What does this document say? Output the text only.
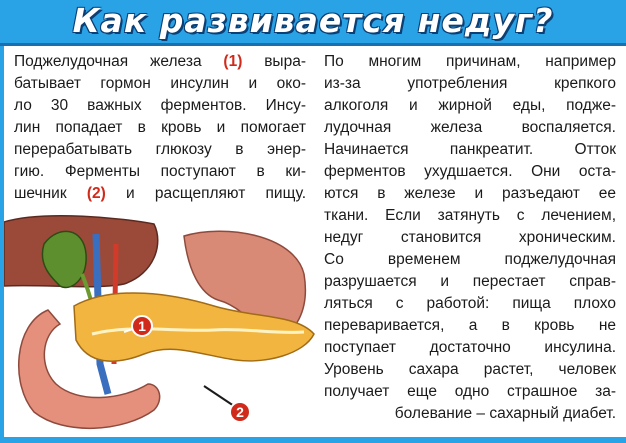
Как развивается недуг?
Поджелудочная железа (1) выра-
батывает гормон инсулин и око-
ло 30 важных ферментов. Инсу-
лин попадает в кровь и помогает
перерабатывать глюкозу в энер-
гию. Ферменты поступают в ки-
шечник (2) и расщепляют пищу.
По многим причинам, например
из-за употребления крепкого
алкоголя и жирной еды, подже-
лудочная железа воспаляется.
Начинается панкреатит. Отток
ферментов ухудшается. Они оста-
ются в железе и разъедают ее
ткани. Если затянуть с лечением,
недуг становится хроническим.
Со временем поджелудочная
разрушается и перестает справ-
ляться с работой: пища плохо
переваривается, а в кровь не
поступает достаточно инсулина.
Уровень сахара растет, человек
получает еще одно страшное за-
болевание – сахарный диабет.
1
2
